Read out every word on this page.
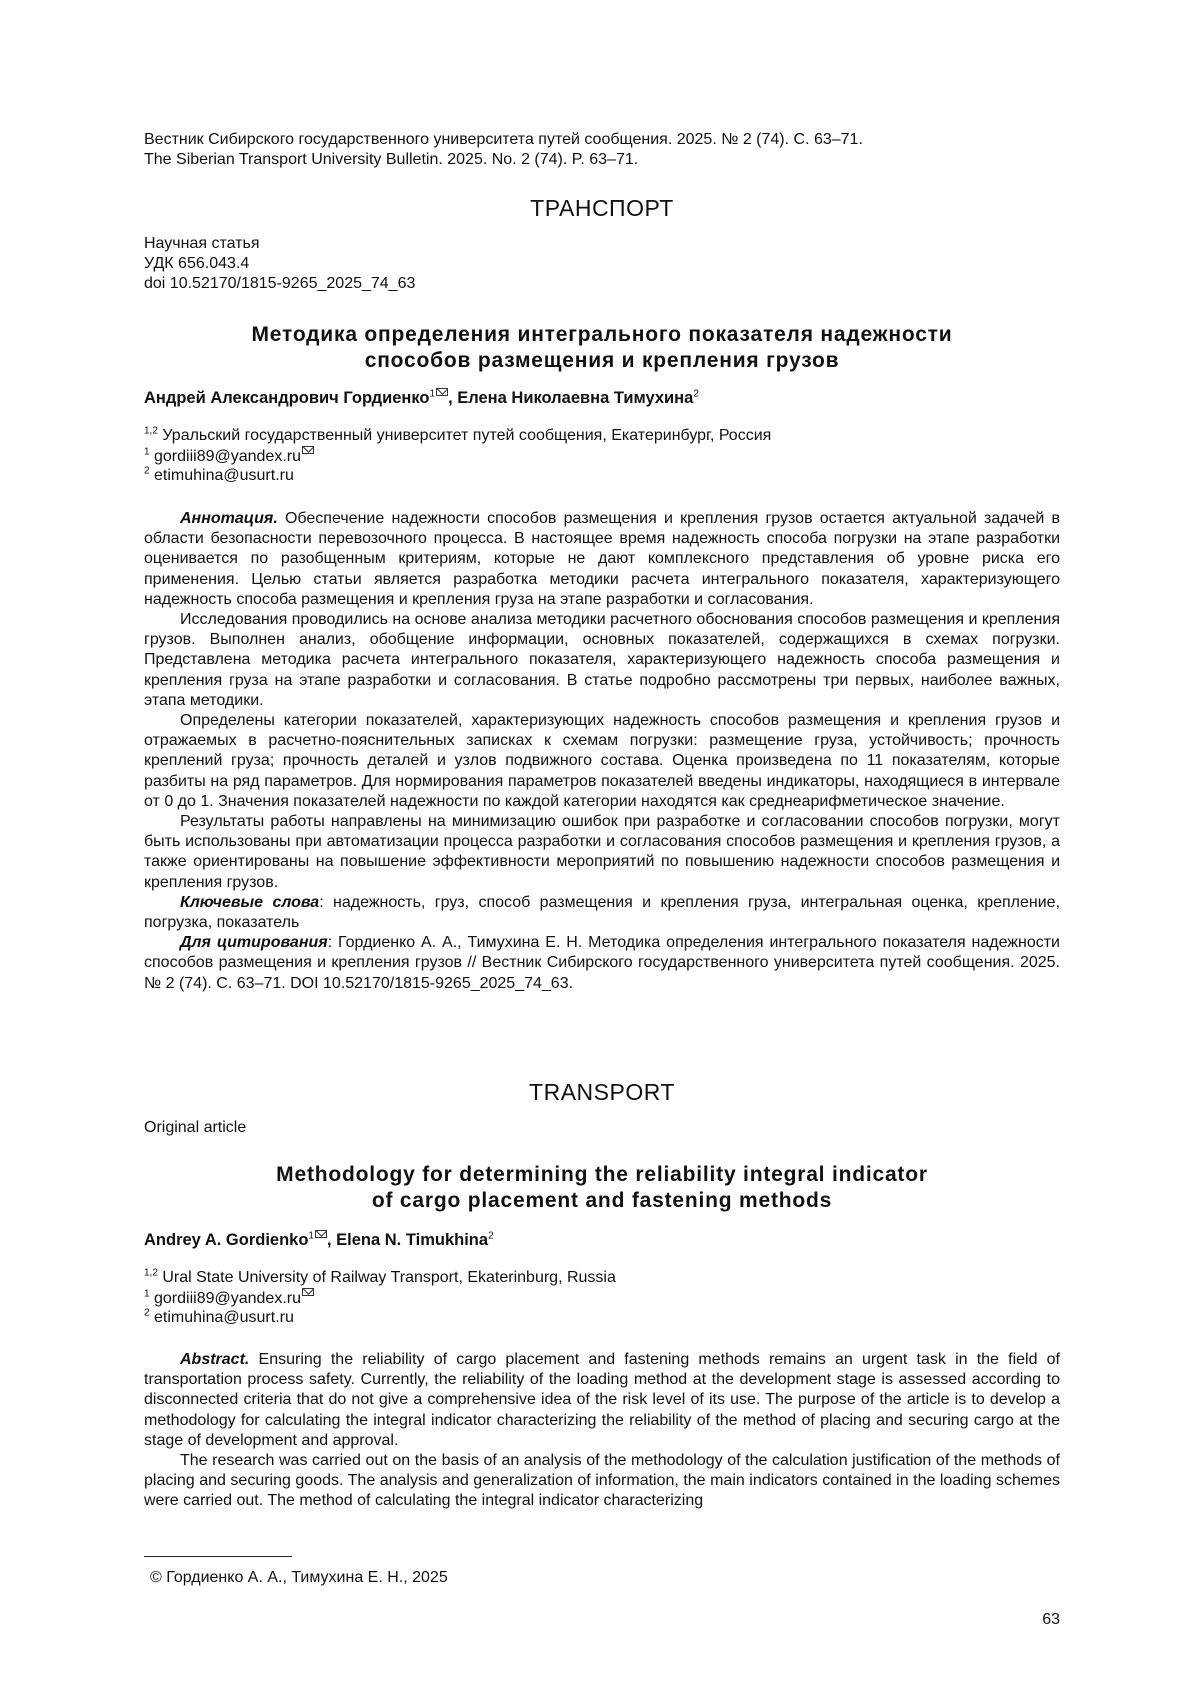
Вестник Сибирского государственного университета путей сообщения. 2025. № 2 (74). С. 63–71.

The Siberian Transport University Bulletin. 2025. No. 2 (74). P. 63–71.

ТРАНСПОРТ

Научная статья

УДК 656.043.4

doi 10.52170/1815-9265_2025_74_63

Методика определения интегрального показателя надежности

способов размещения и крепления грузов

Андрей Александрович Гордиенко$^1$ , Елена Николаевна Тимухина$^2$

$^{1,2}$ Уральский государственный университет путей сообщения, Екатеринбург, Россия

$^1$ gordiii89@yandex.ru

$^2$ etimuhina@usurt.ru

Аннотация. Обеспечение надежности способов размещения и крепления грузов остается актуальной задачей в области безопасности перевозочного процесса. В настоящее время надежность способа погрузки на этапе разработки оценивается по разобщенным критериям, которые не дают комплексного представления об уровне риска его применения. Целью статьи является разработка методики расчета интегрального показателя, характеризующего надежность способа размещения и крепления груза на этапе разработки и согласования.

Исследования проводились на основе анализа методики расчетного обоснования способов размещения и крепления грузов. Выполнен анализ, обобщение информации, основных показателей, содержащихся в схемах погрузки. Представлена методика расчета интегрального показателя, характеризующего надежность способа размещения и крепления груза на этапе разработки и согласования. В статье подробно рассмотрены три первых, наиболее важных, этапа методики.

Определены категории показателей, характеризующих надежность способов размещения и крепления грузов и отражаемых в расчетно-пояснительных записках к схемам погрузки: размещение груза, устойчивость; прочность креплений груза; прочность деталей и узлов подвижного состава. Оценка произведена по 11 показателям, которые разбиты на ряд параметров. Для нормирования параметров показателей введены индикаторы, находящиеся в интервале от 0 до 1. Значения показателей надежности по каждой категории находятся как среднеарифметическое значение.

Результаты работы направлены на минимизацию ошибок при разработке и согласовании способов погрузки, могут быть использованы при автоматизации процесса разработки и согласования способов размещения и крепления грузов, а также ориентированы на повышение эффективности мероприятий по повышению надежности способов размещения и крепления грузов.

Ключевые слова: надежность, груз, способ размещения и крепления груза, интегральная оценка, крепление, погрузка, показатель

Для цитирования: Гордиенко А. А., Тимухина Е. Н. Методика определения интегрального показателя надежности способов размещения и крепления грузов // Вестник Сибирского государственного университета путей сообщения. 2025. № 2 (74). С. 63–71. DOI 10.52170/1815-9265_2025_74_63.

TRANSPORT

Original article

Methodology for determining the reliability integral indicator

of cargo placement and fastening methods

Andrey A. Gordienko$^1$ , Elena N. Timukhina$^2$

$^{1,2}$ Ural State University of Railway Transport, Ekaterinburg, Russia

$^1$ gordiii89@yandex.ru

$^2$ etimuhina@usurt.ru

Abstract. Ensuring the reliability of cargo placement and fastening methods remains an urgent task in the field of transportation process safety. Currently, the reliability of the loading method at the development stage is assessed according to disconnected criteria that do not give a comprehensive idea of the risk level of its use. The purpose of the article is to develop a methodology for calculating the integral indicator characterizing the reliability of the method of placing and securing cargo at the stage of development and approval.

The research was carried out on the basis of an analysis of the methodology of the calculation justification of the methods of placing and securing goods. The analysis and generalization of information, the main indicators contained in the loading schemes were carried out. The method of calculating the integral indicator characterizing

© Гордиенко А. А., Тимухина Е. Н., 2025

63
